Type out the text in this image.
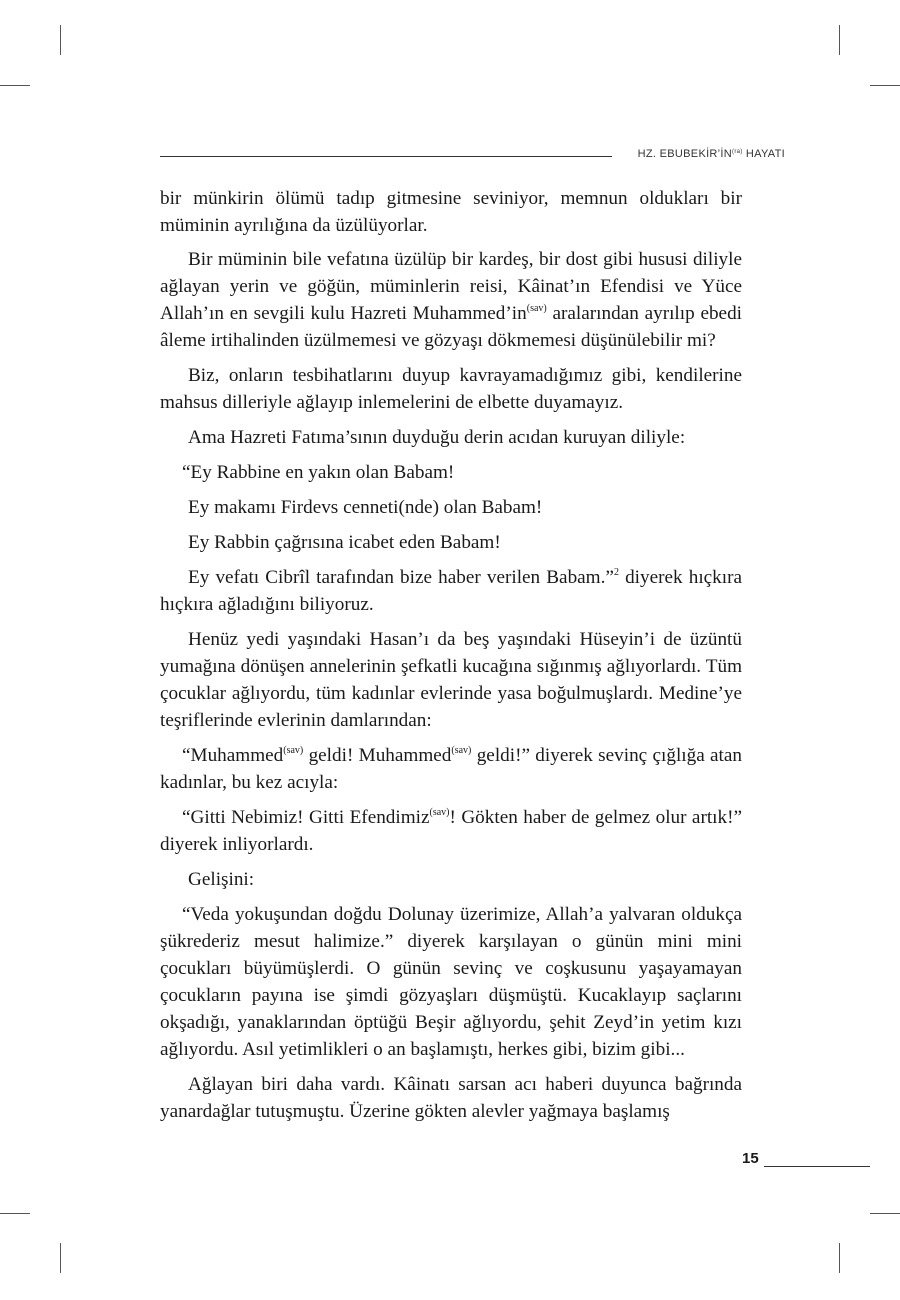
HZ. $EBUBEKİR’İN^{(ra)}$ HAYATI

bir münkirin ölümü tadıp gitmesine seviniyor, memnun oldukları bir müminin ayrılığına da üzülüyorlar.

Bir müminin bile vefatına üzülüp bir kardeş, bir dost gibi hususi diliyle ağlayan yerin ve göğün, müminlerin reisi, Kâinat’ın Efendisi ve Yüce Allah’ın en sevgili kulu Hazreti $Muhammed’in^{(sav)}$ aralarından ayrılıp ebedi âleme irtihalinden üzülmemesi ve gözyaşı dökmemesi düşünülebilir mi?

Biz, onların tesbihatlarını duyup kavrayamadığımız gibi, kendilerine mahsus dilleriyle ağlayıp inlemelerini de elbette duyamayız.

Ama Hazreti Fatıma’sının duyduğu derin acıdan kuruyan diliyle:

“Ey Rabbine en yakın olan Babam!

Ey makamı Firdevs cenneti(nde) olan Babam!

Ey Rabbin çağrısına icabet eden Babam!

Ey vefatı Cibrîl tarafından bize haber verilen Babam.”$^2$ diyerek hıçkıra hıçkıra ağladığını biliyoruz.

Henüz yedi yaşındaki Hasan’ı da beş yaşındaki Hüseyin’i de üzüntü yumağına dönüşen annelerinin şefkatli kucağına sığınmış ağlıyorlardı. Tüm çocuklar ağlıyordu, tüm kadınlar evlerinde yasa boğulmuşlardı. Medine’ye teşriflerinde evlerinin damlarından:

“Muhammed$^{(sav)}$ geldi! Muhammed$^{(sav)}$ geldi!” diyerek sevinç çığlığa atan kadınlar, bu kez acıyla:

“Gitti Nebimiz! Gitti Efendimiz$^{(sav)}$! Gökten haber de gelmez olur artık!” diyerek inliyorlardı.

Gelişini:

“Veda yokuşundan doğdu Dolunay üzerimize, Allah’a yalvaran oldukça şükrederiz mesut halimize.” diyerek karşılayan o günün mini mini çocukları büyümüşlerdi. O günün sevinç ve coşkusunu yaşayamayan çocukların payına ise şimdi gözyaşları düşmüştü. Kucaklayıp saçlarını okşadığı, yanaklarından öptüğü Beşir ağlıyordu, şehit Zeyd’in yetim kızı ağlıyordu. Asıl yetimlikleri o an başlamıştı, herkes gibi, bizim gibi...

Ağlayan biri daha vardı. Kâinatı sarsan acı haberi duyunca bağrında yanardağlar tutuşmuştu. Üzerine gökten alevler yağmaya başlamış

15
